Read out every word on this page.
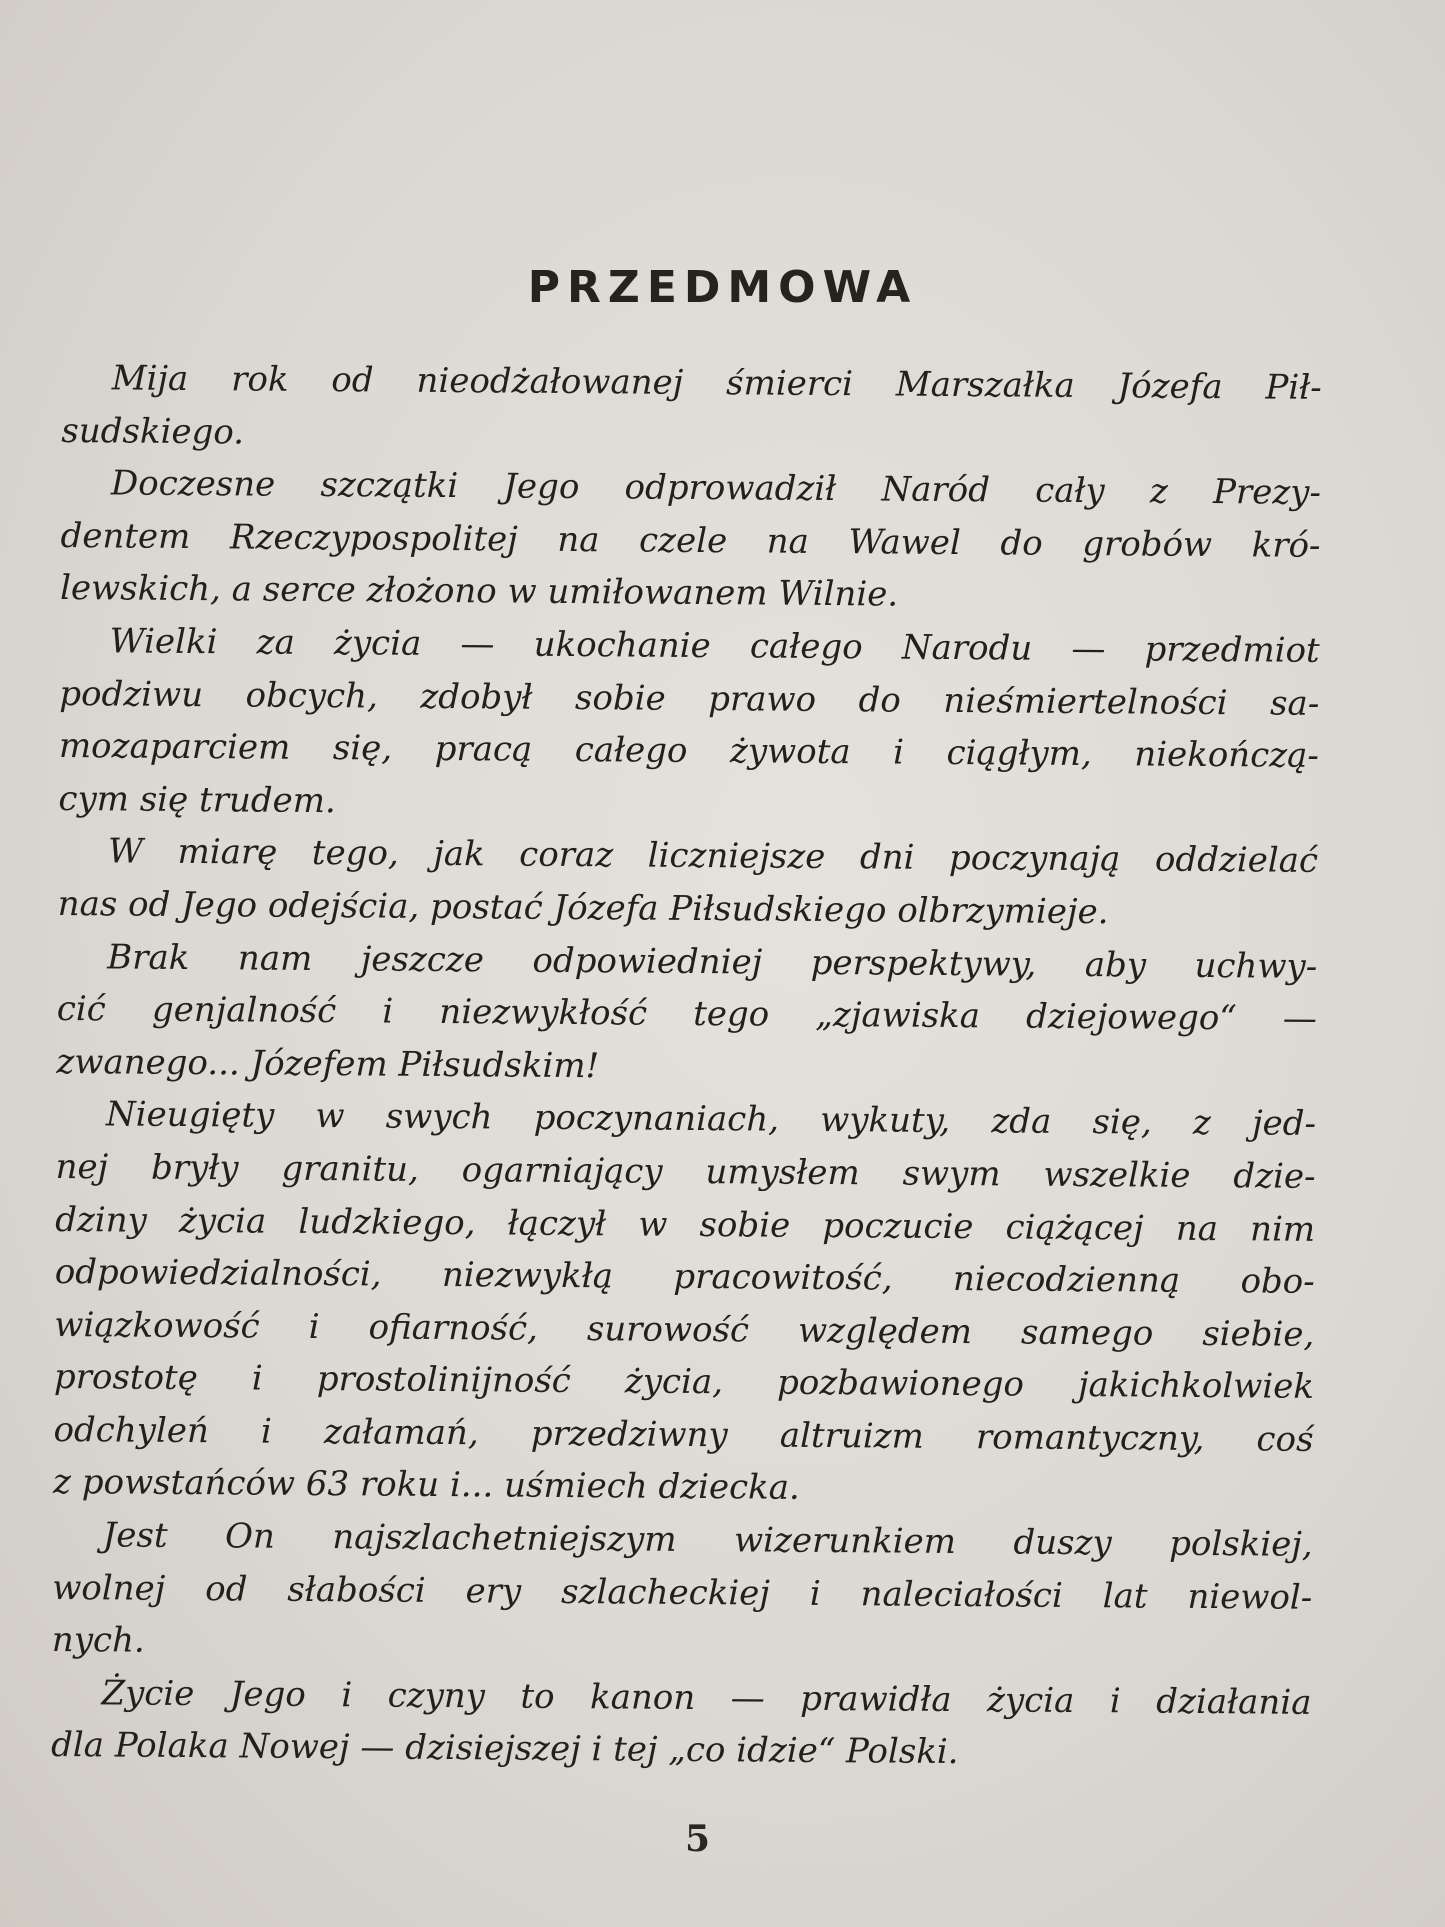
PRZEDMOWA
Mija rok od nieodżałowanej śmierci Marszałka Józefa Pił-
sudskiego.
Doczesne szczątki Jego odprowadził Naród cały z Prezy-
dentem Rzeczypospolitej na czele na Wawel do grobów kró-
lewskich, a serce złożono w umiłowanem Wilnie.
Wielki za życia — ukochanie całego Narodu — przedmiot
podziwu obcych, zdobył sobie prawo do nieśmiertelności sa-
mozaparciem się, pracą całego żywota i ciągłym, niekończą-
cym się trudem.
W miarę tego, jak coraz liczniejsze dni poczynają oddzielać
nas od Jego odejścia, postać Józefa Piłsudskiego olbrzymieje.
Brak nam jeszcze odpowiedniej perspektywy, aby uchwy-
cić genjalność i niezwykłość tego „zjawiska dziejowego“ —
zwanego... Józefem Piłsudskim!
Nieugięty w swych poczynaniach, wykuty, zda się, z jed-
nej bryły granitu, ogarniający umysłem swym wszelkie dzie-
dziny życia ludzkiego, łączył w sobie poczucie ciążącej na nim
odpowiedzialności, niezwykłą pracowitość, niecodzienną obo-
wiązkowość i ofiarność, surowość względem samego siebie,
prostotę i prostolinijność życia, pozbawionego jakichkolwiek
odchyleń i załamań, przedziwny altruizm romantyczny, coś
z powstańców 63 roku i... uśmiech dziecka.
Jest On najszlachetniejszym wizerunkiem duszy polskiej,
wolnej od słabości ery szlacheckiej i naleciałości lat niewol-
nych.
Życie Jego i czyny to kanon — prawidła życia i działania
dla Polaka Nowej — dzisiejszej i tej „co idzie“ Polski.
5
